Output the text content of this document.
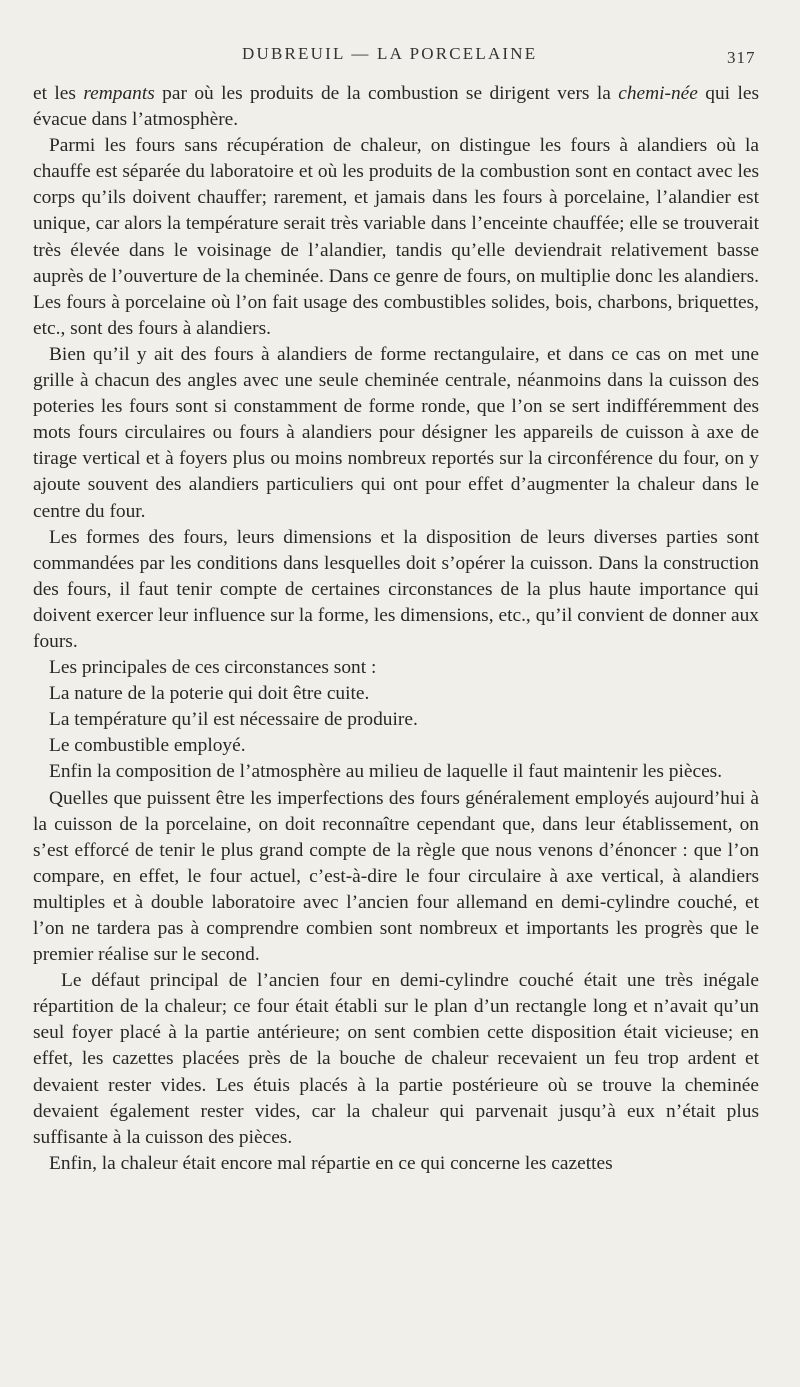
DUBREUIL — LA PORCELAINE	317

et les rempants par où les produits de la combustion se dirigent vers la chemi-née qui les évacue dans l’atmosphère.

Parmi les fours sans récupération de chaleur, on distingue les fours à alandiers où la chauffe est séparée du laboratoire et où les produits de la combustion sont en contact avec les corps qu’ils doivent chauffer; rarement, et jamais dans les fours à porcelaine, l’alandier est unique, car alors la température serait très variable dans l’enceinte chauffée; elle se trouverait très élevée dans le voisinage de l’alandier, tandis qu’elle deviendrait relativement basse auprès de l’ouverture de la cheminée. Dans ce genre de fours, on multiplie donc les alandiers. Les fours à porcelaine où l’on fait usage des combustibles solides, bois, charbons, briquettes, etc., sont des fours à alandiers.

Bien qu’il y ait des fours à alandiers de forme rectangulaire, et dans ce cas on met une grille à chacun des angles avec une seule cheminée centrale, néanmoins dans la cuisson des poteries les fours sont si constamment de forme ronde, que l’on se sert indifféremment des mots fours circulaires ou fours à alandiers pour désigner les appareils de cuisson à axe de tirage vertical et à foyers plus ou moins nombreux reportés sur la circonférence du four, on y ajoute souvent des alandiers particuliers qui ont pour effet d’augmenter la chaleur dans le centre du four.

Les formes des fours, leurs dimensions et la disposition de leurs diverses parties sont commandées par les conditions dans lesquelles doit s’opérer la cuisson. Dans la construction des fours, il faut tenir compte de certaines circonstances de la plus haute importance qui doivent exercer leur influence sur la forme, les dimensions, etc., qu’il convient de donner aux fours.

Les principales de ces circonstances sont :

La nature de la poterie qui doit être cuite.

La température qu’il est nécessaire de produire.

Le combustible employé.

Enfin la composition de l’atmosphère au milieu de laquelle il faut maintenir les pièces.

Quelles que puissent être les imperfections des fours généralement employés aujourd’hui à la cuisson de la porcelaine, on doit reconnaître cependant que, dans leur établissement, on s’est efforcé de tenir le plus grand compte de la règle que nous venons d’énoncer : que l’on compare, en effet, le four actuel, c’est-à-dire le four circulaire à axe vertical, à alandiers multiples et à double laboratoire avec l’ancien four allemand en demi-cylindre couché, et l’on ne tardera pas à comprendre combien sont nombreux et importants les progrès que le premier réalise sur le second.

Le défaut principal de l’ancien four en demi-cylindre couché était une très inégale répartition de la chaleur; ce four était établi sur le plan d’un rectangle long et n’avait qu’un seul foyer placé à la partie antérieure; on sent combien cette disposition était vicieuse; en effet, les cazettes placées près de la bouche de chaleur recevaient un feu trop ardent et devaient rester vides. Les étuis placés à la partie postérieure où se trouve la cheminée devaient également rester vides, car la chaleur qui parvenait jusqu’à eux n’était plus suffisante à la cuisson des pièces.

Enfin, la chaleur était encore mal répartie en ce qui concerne les cazettes
